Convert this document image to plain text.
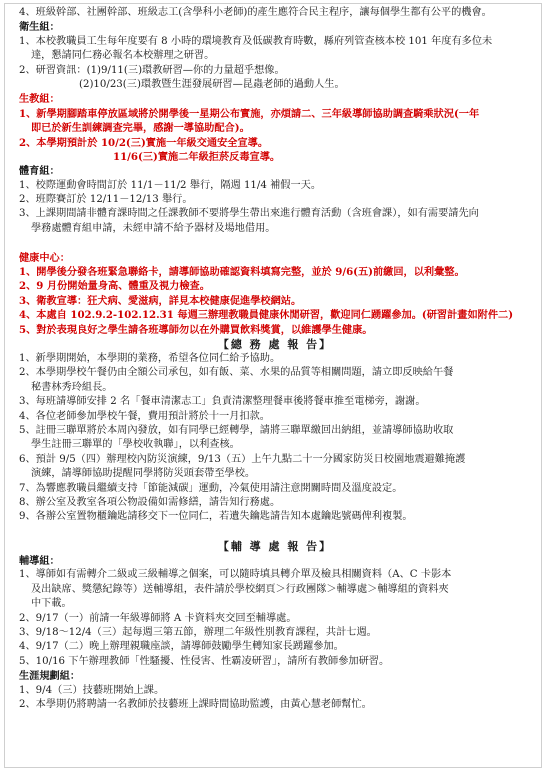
4、班級幹部、社團幹部、班級志工(含學科小老師)的產生應符合民主程序，讓每個學生都有公平的機會。
衛生組：
1、本校教職員工生每年度要有 8 小時的環境教育及低碳教育時數，縣府列管查核本校 101 年度有多位未
達，懇請同仁務必報名本校辦理之研習。
2、研習資訊：(1)9/11(三)環教研習—你的力量超乎想像。
(2)10/23(三)環教暨生涯發展研習—昆蟲老師的過動人生。
生教組：
1、新學期腳踏車停放區域將於開學後一星期公布實施，亦煩請二、三年級導師協助調查騎乘狀況(一年
即已於新生訓練調查完畢，感謝一導協助配合)。
2、本學期預計於 10/2(三)實施一年級交通安全宣導。
11/6(三)實施二年級拒菸反毒宣導。
體育組：
1、校際運動會時間訂於 11/1－11/2 舉行，隔週 11/4 補假一天。
2、班際賽訂於 12/11－12/13 舉行。
3、上課期間請非體育課時間之任課教師不要將學生帶出來進行體育活動（含班會課），如有需要請先向
學務處體育組申請，未經申請不給予器材及場地借用。
健康中心：
1、開學後分發各班緊急聯絡卡，請導師協助確認資料填寫完整，並於 9/6(五)前繳回，以利彙整。
2、9 月份開始量身高、體重及視力檢查。
3、衛教宣導：狂犬病、愛滋病，詳見本校健康促進學校網站。
4、本處自 102.9.2-102.12.31 每週三辦理教職員健康休閒研習，歡迎同仁踴躍參加。(研習計畫如附件二)
5、對於表現良好之學生請各班導師勿以在外購買飲料獎賞，以維護學生健康。
【總 務 處 報 告】
1、新學期開始，本學期的業務，希望各位同仁給予協助。
2、本學期學校午餐仍由全額公司承包，如有飯、菜、水果的品質等相關問題，請立即反映給午餐
秘書林秀玲組長。
3、每班請導師安排 2 名「餐車清潔志工」負責清潔整理餐車後將餐車推至電梯旁，謝謝。
4、各位老師參加學校午餐，費用預計將於十一月扣款。
5、註冊三聯單將於本周內發放，如有同學已經轉學，請將三聯單繳回出納組，並請導師協助收取
學生註冊三聯單的「學校收執聯」，以利查核。
6、預計 9/5（四）辦理校內防災演練，9/13（五）上午九點二十一分國家防災日校園地震避難掩護
演練，請導師協助提醒同學將防災頭套帶至學校。
7、為響應教職員繼續支持「節能減碳」運動，冷氣使用請注意開關時間及溫度設定。
8、辦公室及教室各項公物設備如需修繕，請告知行務處。
9、各辦公室置物櫃鑰匙請移交下一位同仁，若遺失鑰匙請告知本處鑰匙號碼俾利複製。
【輔 導 處 報 告】
輔導組：
1、導師如有需轉介二級或三級輔導之個案，可以隨時填具轉介單及檢具相關資料（A、C 卡影本
及出缺席、獎懲紀錄等）送輔導組，表件請於學校網頁＞行政團隊＞輔導處＞輔導組的資料夾
中下載。
2、9/17（一）前請一年級導師將 A 卡資料夾交回至輔導處。
3、9/18～12/4（三）起每週三第五節，辦理二年級性別教育課程，共計七週。
4、9/17（二）晚上辦理親職座談，請導師鼓勵學生轉知家長踴躍參加。
5、10/16 下午辦理教師「性騷擾、性侵害、性霸凌研習」，請所有教師參加研習。
生涯規劃組：
1、9/4（三）技藝班開始上課。
2、本學期仍將聘請一名教師於技藝班上課時間協助監護，由黃心慧老師幫忙。
